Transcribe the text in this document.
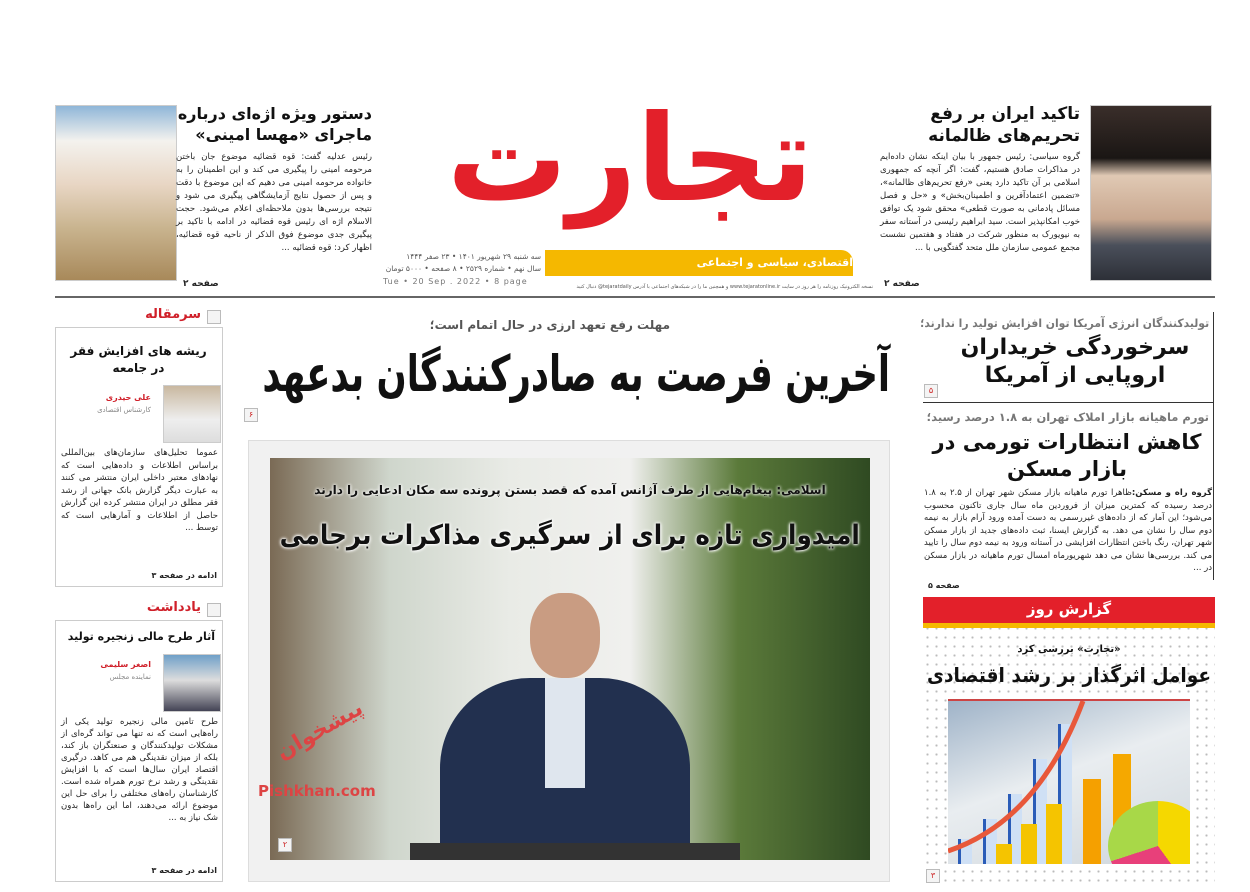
تاکید ایران بر رفع تحریم‌های ظالمانه
گروه سیاسی: رئیس جمهور با بیان اینکه نشان داده‌ایم در مذاکرات صادق هستیم، گفت: اگر آنچه که جمهوری اسلامی بر آن تاکید دارد یعنی «رفع تحریم‌های ظالمانه»، «تضمین اعتمادآفرین و اطمینان‌بخش» و «حل و فصل مسائل پادمانی به صورت قطعی» محقق شود یک توافق خوب امکانپذیر است. سید ابراهیم رئیسی در آستانه سفر به نیویورک به منظور شرکت در هفتاد و هفتمین نشست مجمع عمومی سازمان ملل متحد گفتگویی با ...
صفحه ۲
دستور ویژه اژه‌ای درباره ماجرای «مهسا امینی»
رئیس عدلیه گفت: قوه قضائیه موضوع جان باختن مرحومه امینی را پیگیری می کند و این اطمینان را به خانواده مرحومه امینی می دهیم که این موضوع با دقت و پس از حصول نتایج آزمایشگاهی پیگیری می شود و نتیجه بررسی‌ها بدون ملاحظه‌ای اعلام می‌شود. حجت الاسلام اژه ای رئیس قوه قضائیه در ادامه با تاکید بر پیگیری جدی موضوع فوق الذکر از ناحیه قوه قضائیه، اظهار کرد: قوه قضائیه ...
صفحه ۲
تجارت
اقتصادی، سیاسی و اجتماعی
سه شنبه ۲۹ شهریور ۱۴۰۱ • ۲۳ صفر ۱۴۴۴
سال نهم • شماره ۲۵۲۹ • ۸ صفحه • ۵۰۰۰ تومان
Tue • 20 Sep . 2022 • 8 page
نسخه الکترونیک روزنامه را هر روز در سایت www.tejaratonline.ir و همچنین ما را در شبکه‌های اجتماعی با آدرس tejaratdaily@ دنبال کنید
سرمقاله
ریشه های افزایش فقر در جامعه
علی حیدری
کارشناس اقتصادی
عموما تحلیل‌های سازمان‌های بین‌المللی براساس اطلاعات و داده‌هایی است که نهادهای معتبر داخلی ایران منتشر می کنند به عبارت دیگر گزارش بانک جهانی از رشد فقر مطلق در ایران منتشر کرده این گزارش حاصل از اطلاعات و آمارهایی است که توسط ...
ادامه در صفحه ۳
یادداشت
آثار طرح مالی زنجیره تولید
اصغر سلیمی
نماینده مجلس
طرح تامین مالی زنجیره تولید یکی از راه‌هایی است که نه تنها می تواند گره‌ای از مشکلات تولیدکنندگان و صنعتگران باز کند، بلکه از میزان نقدینگی هم می کاهد. درگیری اقتصاد ایران سال‌ها است که با افزایش نقدینگی و رشد نرخ تورم همراه شده است. کارشناسان راه‌های مختلفی را برای حل این موضوع ارائه می‌دهند، اما این راه‌ها بدون شک نیاز به ...
ادامه در صفحه ۳
مهلت رفع تعهد ارزی در حال اتمام است؛
آخرین فرصت به صادرکنندگان بدعهد
۶
اسلامی: پیغام‌هایی از طرف آژانس آمده که قصد بستن پرونده سه مکان ادعایی را دارند
امیدواری تازه برای از سرگیری مذاکرات برجامی
پیشخوان
Pishkhan.com
۲
تولیدکنندگان انرژی آمریکا توان افزایش تولید را ندارند؛
سرخوردگی خریداران اروپایی از آمریکا
۵
تورم ماهیانه بازار املاک تهران به ۱.۸ درصد رسید؛
کاهش انتظارات تورمی در بازار مسکن
گروه راه و مسکن:ظاهرا تورم ماهیانه بازار مسکن شهر تهران از ۲.۵ به ۱.۸ درصد رسیده که کمترین میزان از فروردین ماه سال جاری تاکنون محسوب می‌شود؛ این آمار که از داده‌های غیررسمی به دست آمده ورود آرام بازار به نیمه دوم سال را نشان می دهد. به گزارش ایسنا، ثبت داده‌های جدید از بازار مسکن شهر تهران، رنگ باختن انتظارات افزایشی در آستانه ورود به نیمه دوم سال را تایید می کند. بررسی‌ها نشان می دهد شهریورماه امسال تورم ماهیانه در بازار مسکن در ...
صفحه ۵
گزارش روز
«تجارت» بررسی کرد
عوامل اثرگذار بر رشد اقتصادی
۳
